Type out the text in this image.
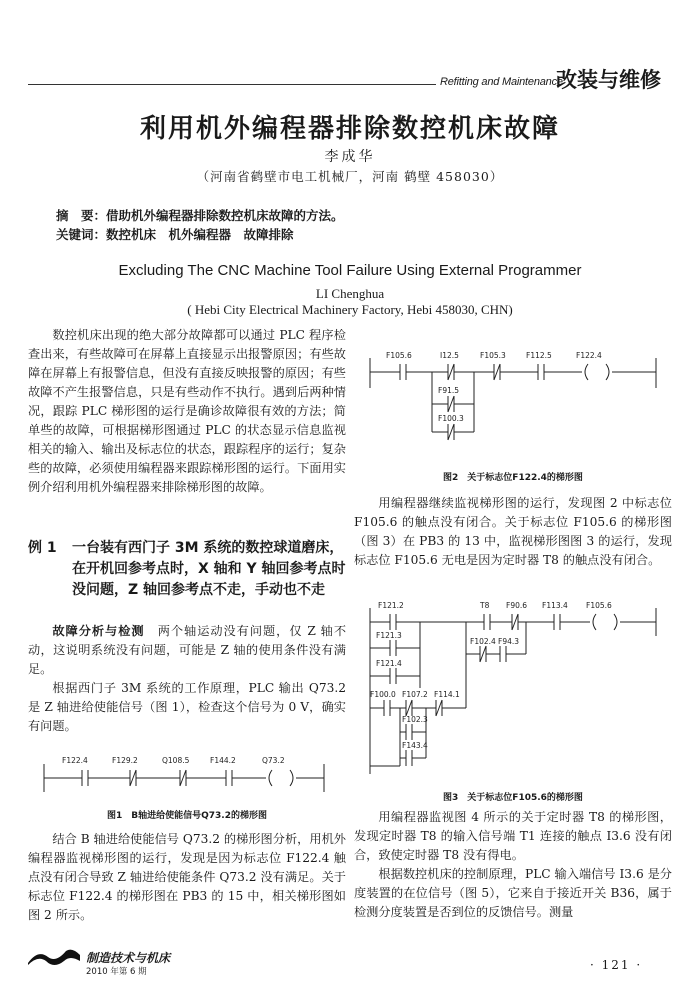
Refitting and Maintenance
改装与维修
利用机外编程器排除数控机床故障
李成华
（河南省鹤壁市电工机械厂，河南 鹤壁 458030）
摘　要：借助机外编程器排除数控机床故障的方法。
关键词：数控机床　机外编程器　故障排除
Excluding The CNC Machine Tool Failure Using External Programmer
LI Chenghua
( Hebi City Electrical Machinery Factory, Hebi 458030, CHN)

数控机床出现的绝大部分故障都可以通过 PLC 程序检查出来，有些故障可在屏幕上直接显示出报警原因；有些故障在屏幕上有报警信息，但没有直接反映报警的原因；有些故障不产生报警信息，只是有些动作不执行。遇到后两种情况，跟踪 PLC 梯形图的运行是确诊故障很有效的方法；简单些的故障，可根据梯形图通过 PLC 的状态显示信息监视相关的输入、输出及标志位的状态，跟踪程序的运行；复杂些的故障，必须使用编程器来跟踪梯形图的运行。下面用实例介绍利用机外编程器来排除梯形图的故障。

例 1 一台装有西门子 3M 系统的数控球道磨床，在开机回参考点时，X 轴和 Y 轴回参考点时没问题，Z 轴回参考点不走，手动也不走

故障分析与检测　 两个轴运动没有问题，仅 Z 轴不动，这说明系统没有问题，可能是 Z 轴的使用条件没有满足。

根据西门子 3M 系统的工作原理，PLC 输出 Q73.2 是 Z 轴进给使能信号（图 1），检查这个信号为 0 V，确实有问题。

F122.4	F129.2	Q108.5	F144.2	Q73.2
图1　B轴进给使能信号Q73.2的梯形图

结合 B 轴进给使能信号 Q73.2 的梯形图分析，用机外编程器监视梯形图的运行，发现是因为标志位 F122.4 触点没有闭合导致 Z 轴进给使能条件 Q73.2 没有满足。关于标志位 F122.4 的梯形图在 PB3 的 15 中，相关梯形图如图 2 所示。

F105.6	I12.5	F105.3	F112.5	F122.4
F91.5
F100.3
图2　关于标志位F122.4的梯形图

用编程器继续监视梯形图的运行，发现图 2 中标志位 F105.6 的触点没有闭合。关于标志位 F105.6 的梯形图（图 3）在 PB3 的 13 中，监视梯形图图 3 的运行，发现标志位 F105.6 无电是因为定时器 T8 的触点没有闭合。

F121.2	T8 F90.6 F113.4 F105.6
F121.3
F102.4 F94.3
F121.4
F100.0 F107.2 F114.1
F102.3
F143.4
图3　关于标志位F105.6的梯形图

用编程器监视图 4 所示的关于定时器 T8 的梯形图，发现定时器 T8 的输入信号端 T1 连接的触点 I3.6 没有闭合，致使定时器 T8 没有得电。

根据数控机床的控制原理，PLC 输入端信号 I3.6 是分度装置的在位信号（图 5），它来自于接近开关 B36，属于检测分度装置是否到位的反馈信号。测量

制造技术与机床
2010 年第 6 期	· 121 ·
